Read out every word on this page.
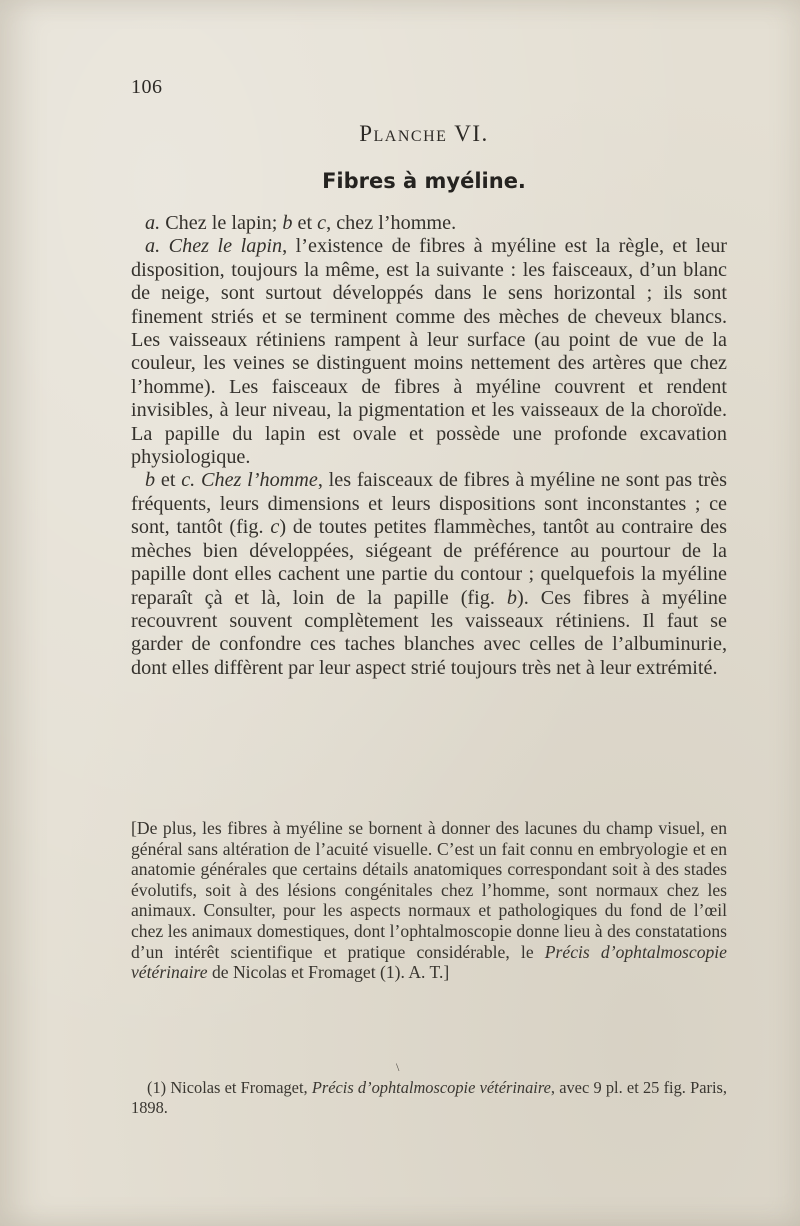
106
Planche VI.
Fibres à myéline.

a. Chez le lapin; b et c, chez l’homme.

a. Chez le lapin, l’existence de fibres à myéline est la règle, et leur disposition, toujours la même, est la suivante : les faisceaux, d’un blanc de neige, sont surtout développés dans le sens horizontal ; ils sont finement striés et se terminent comme des mèches de cheveux blancs. Les vaisseaux rétiniens rampent à leur surface (au point de vue de la couleur, les veines se distinguent moins nettement des artères que chez l’homme). Les faisceaux de fibres à myéline couvrent et rendent invisibles, à leur niveau, la pigmentation et les vaisseaux de la choroïde. La papille du lapin est ovale et possède une profonde excavation physiologique.

b et c. Chez l’homme, les faisceaux de fibres à myéline ne sont pas très fréquents, leurs dimensions et leurs dispositions sont inconstantes ; ce sont, tantôt (fig. c) de toutes petites flammèches, tantôt au contraire des mèches bien développées, siégeant de préférence au pourtour de la papille dont elles cachent une partie du contour ; quelquefois la myéline reparaît çà et là, loin de la papille (fig. b). Ces fibres à myéline recouvrent souvent complètement les vaisseaux rétiniens. Il faut se garder de confondre ces taches blanches avec celles de l’albuminurie, dont elles diffèrent par leur aspect strié toujours très net à leur extrémité.

[De plus, les fibres à myéline se bornent à donner des lacunes du champ visuel, en général sans altération de l’acuité visuelle. C’est un fait connu en embryologie et en anatomie générales que certains détails anatomiques correspondant soit à des stades évolutifs, soit à des lésions congénitales chez l’homme, sont normaux chez les animaux. Consulter, pour les aspects normaux et pathologiques du fond de l’œil chez les animaux domestiques, dont l’ophtalmoscopie donne lieu à des constatations d’un intérêt scientifique et pratique considérable, le Précis d’ophtalmoscopie vétérinaire de Nicolas et Fromaget (1). A. T.]
\
(1) Nicolas et Fromaget, Précis d’ophtalmoscopie vétérinaire, avec 9 pl. et 25 fig. Paris, 1898.
